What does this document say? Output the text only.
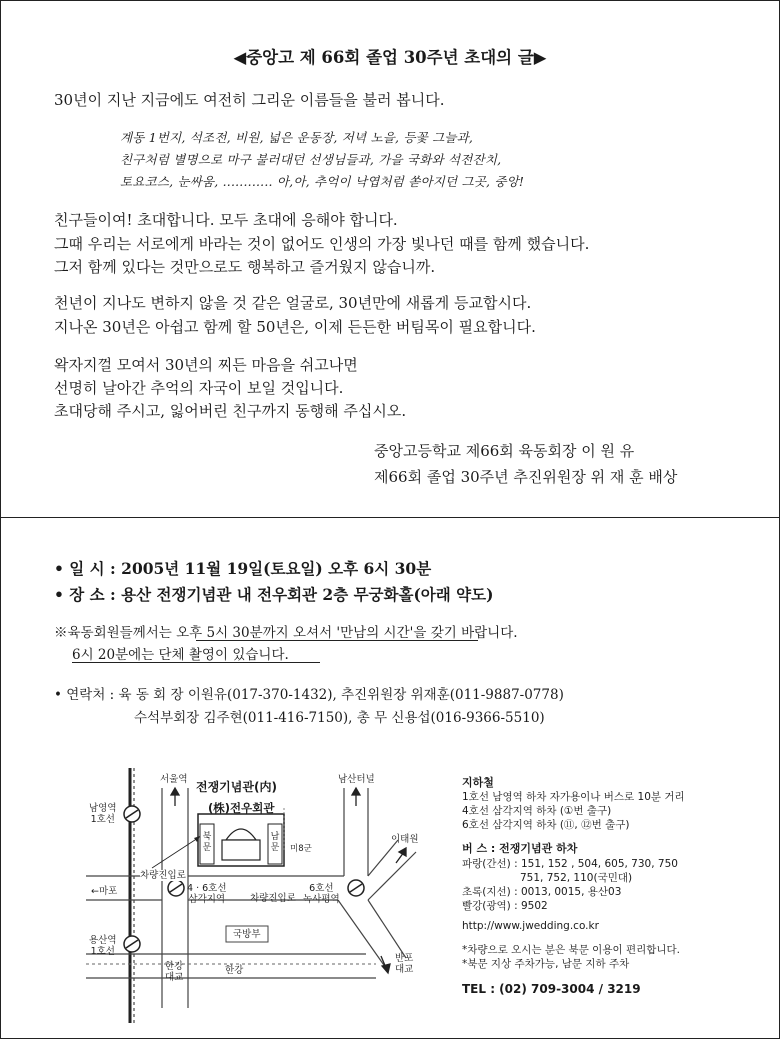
◀중앙고 제 66회 졸업 30주년 초대의 글▶
30년이 지난 지금에도 여전히 그리운 이름들을 불러 봅니다.
계동 1번지, 석조전, 비원, 넓은 운동장, 저녁 노을, 등꽃 그늘과,
친구처럼 별명으로 마구 불러대던 선생님들과, 가을 국화와 석전잔치,
토요코스, 눈싸움, ............ 아,아, 추억이 낙엽처럼 쏟아지던 그곳, 중앙!
친구들이여! 초대합니다. 모두 초대에 응해야 합니다.
그때 우리는 서로에게 바라는 것이 없어도 인생의 가장 빛나던 때를 함께 했습니다.
그저 함께 있다는 것만으로도 행복하고 즐거웠지 않습니까.
천년이 지나도 변하지 않을 것 같은 얼굴로, 30년만에 새롭게 등교합시다.
지나온 30년은 아쉽고 함께 할 50년은, 이제 든든한 버팀목이 필요합니다.
왁자지껄 모여서 30년의 찌든 마음을 쉬고나면
선명히 날아간 추억의 자국이 보일 것입니다.
초대당해 주시고, 잃어버린 친구까지 동행해 주십시오.
중앙고등학교 제66회 육동회장 이 원 유
제66회 졸업 30주년 추진위원장 위 재 훈 배상
• 일 시 : 2005년 11월 19일(토요일) 오후 6시 30분
• 장 소 : 용산 전쟁기념관 내 전우회관 2층 무궁화홀(아래 약도)
※육동회원들께서는 오후 5시 30분까지 오셔서 '만남의 시간'을 갖기 바랍니다.
6시 20분에는 단체 촬영이 있습니다.
• 연락처 : 육 동 회 장 이원유(017-370-1432), 추진위원장 위재훈(011-9887-0778)
수석부회장 김주현(011-416-7150), 총 무 신용섭(016-9366-5510)
서울역	남산터널
남영역
1호선
전쟁기념관(内)
(株)전우회관
북문
남문 미8군
이태원
차량진입로
←마포	4 · 6호선
삼각지역	차량진입로
6호선
녹사평역
국방부
용산역
1호선
한강
대교
한강
반포
대교
지하철
1호선 남영역 하차 자가용이나 버스로 10분 거리
4호선 삼각지역 하차 (①번 출구)
6호선 삼각지역 하차 (⑪, ⑫번 출구)
버 스 : 전쟁기념관 하차
파랑(간선) : 151, 152 , 504, 605, 730, 750
751, 752, 110(국민대)
초록(지선) : 0013, 0015, 용산03
빨강(광역) : 9502
http://www.jwedding.co.kr
*차량으로 오시는 분은 북문 이용이 편리합니다.
*북문 지상 주차가능, 남문 지하 주차
TEL : (02) 709-3004 / 3219
